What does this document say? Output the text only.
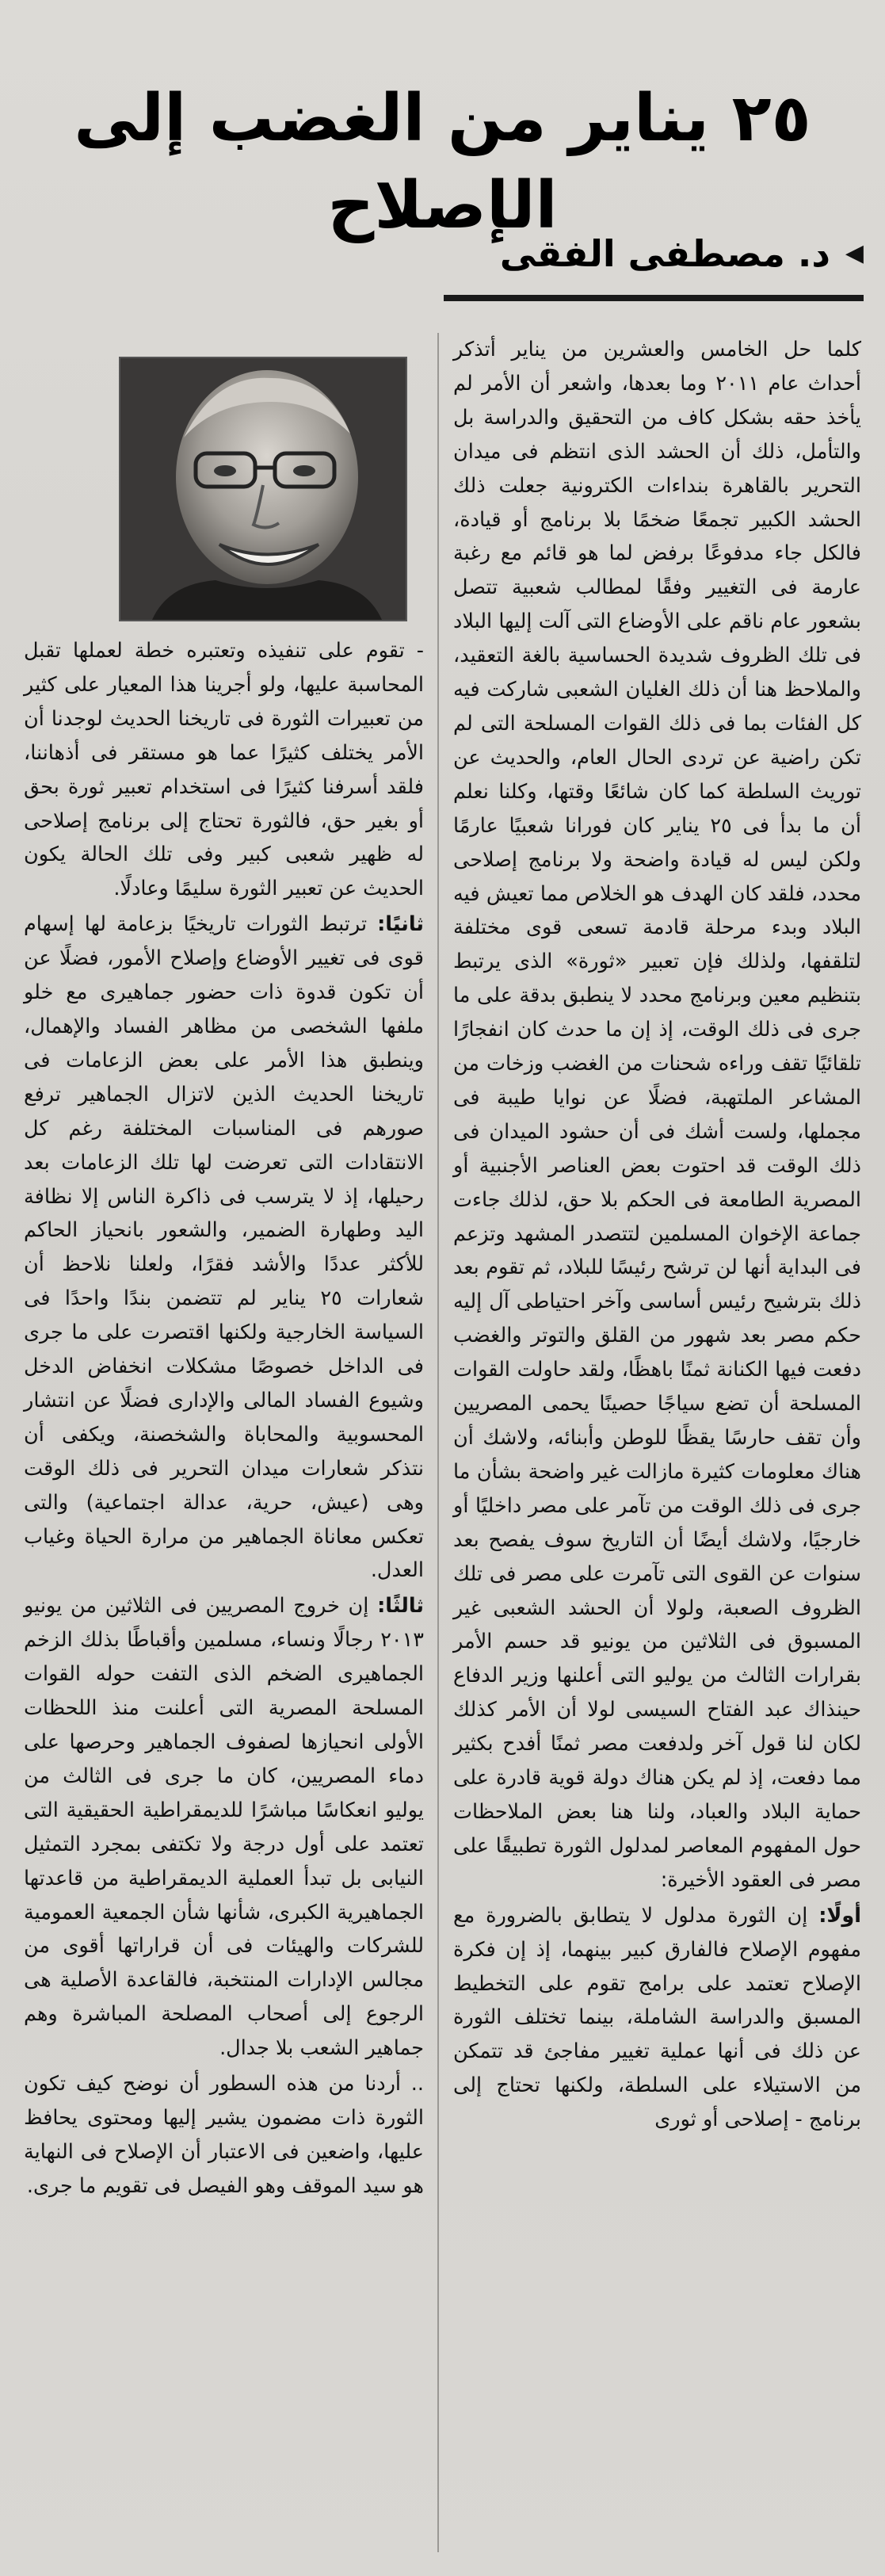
٢٥ يناير من الغضب إلى الإصلاح
◀
د. مصطفى الفقى

كلما حل الخامس والعشرين من يناير أتذكر أحداث عام ٢٠١١ وما بعدها، واشعر أن الأمر لم يأخذ حقه بشكل كاف من التحقيق والدراسة بل والتأمل، ذلك أن الحشد الذى انتظم فى ميدان التحرير بالقاهرة بنداءات الكترونية جعلت ذلك الحشد الكبير تجمعًا ضخمًا بلا برنامج أو قيادة، فالكل جاء مدفوعًا برفض لما هو قائم مع رغبة عارمة فى التغيير وفقًا لمطالب شعبية تتصل بشعور عام ناقم على الأوضاع التى آلت إليها البلاد فى تلك الظروف شديدة الحساسية بالغة التعقيد، والملاحظ هنا أن ذلك الغليان الشعبى شاركت فيه كل الفئات بما فى ذلك القوات المسلحة التى لم تكن راضية عن تردى الحال العام، والحديث عن توريث السلطة كما كان شائعًا وقتها، وكلنا نعلم أن ما بدأ فى ٢٥ يناير كان فورانا شعبيًا عارمًا ولكن ليس له قيادة واضحة ولا برنامج إصلاحى محدد، فلقد كان الهدف هو الخلاص مما تعيش فيه البلاد وبدء مرحلة قادمة تسعى قوى مختلفة لتلقفها، ولذلك فإن تعبير «ثورة» الذى يرتبط بتنظيم معين وبرنامج محدد لا ينطبق بدقة على ما جرى فى ذلك الوقت، إذ إن ما حدث كان انفجارًا تلقائيًا تقف وراءه شحنات من الغضب وزخات من المشاعر الملتهبة، فضلًا عن نوايا طيبة فى مجملها، ولست أشك فى أن حشود الميدان فى ذلك الوقت قد احتوت بعض العناصر الأجنبية أو المصرية الطامعة فى الحكم بلا حق، لذلك جاءت جماعة الإخوان المسلمين لتتصدر المشهد وتزعم فى البداية أنها لن ترشح رئيسًا للبلاد، ثم تقوم بعد ذلك بترشيح رئيس أساسى وآخر احتياطى آل إليه حكم مصر بعد شهور من القلق والتوتر والغضب دفعت فيها الكنانة ثمنًا باهظًا، ولقد حاولت القوات المسلحة أن تضع سياجًا حصينًا يحمى المصريين وأن تقف حارسًا يقظًا للوطن وأبنائه، ولاشك أن هناك معلومات كثيرة مازالت غير واضحة بشأن ما جرى فى ذلك الوقت من تآمر على مصر داخليًا أو خارجيًا، ولاشك أيضًا أن التاريخ سوف يفصح بعد سنوات عن القوى التى تآمرت على مصر فى تلك الظروف الصعبة، ولولا أن الحشد الشعبى غير المسبوق فى الثلاثين من يونيو قد حسم الأمر بقرارات الثالث من يوليو التى أعلنها وزير الدفاع حينذاك عبد الفتاح السيسى لولا أن الأمر كذلك لكان لنا قول آخر ولدفعت مصر ثمنًا أفدح بكثير مما دفعت، إذ لم يكن هناك دولة قوية قادرة على حماية البلاد والعباد، ولنا هنا بعض الملاحظات حول المفهوم المعاصر لمدلول الثورة تطبيقًا على مصر فى العقود الأخيرة:

أولًا: إن الثورة مدلول لا يتطابق بالضرورة مع مفهوم الإصلاح فالفارق كبير بينهما، إذ إن فكرة الإصلاح تعتمد على برامج تقوم على التخطيط المسبق والدراسة الشاملة، بينما تختلف الثورة عن ذلك فى أنها عملية تغيير مفاجئ قد تتمكن من الاستيلاء على السلطة، ولكنها تحتاج إلى برنامج - إصلاحى أو ثورى

- تقوم على تنفيذه وتعتبره خطة لعملها تقبل المحاسبة عليها، ولو أجرينا هذا المعيار على كثير من تعبيرات الثورة فى تاريخنا الحديث لوجدنا أن الأمر يختلف كثيرًا عما هو مستقر فى أذهاننا، فلقد أسرفنا كثيرًا فى استخدام تعبير ثورة بحق أو بغير حق، فالثورة تحتاج إلى برنامج إصلاحى له ظهير شعبى كبير وفى تلك الحالة يكون الحديث عن تعبير الثورة سليمًا وعادلًا.

ثانيًا: ترتبط الثورات تاريخيًا بزعامة لها إسهام قوى فى تغيير الأوضاع وإصلاح الأمور، فضلًا عن أن تكون قدوة ذات حضور جماهيرى مع خلو ملفها الشخصى من مظاهر الفساد والإهمال، وينطبق هذا الأمر على بعض الزعامات فى تاريخنا الحديث الذين لاتزال الجماهير ترفع صورهم فى المناسبات المختلفة رغم كل الانتقادات التى تعرضت لها تلك الزعامات بعد رحيلها، إذ لا يترسب فى ذاكرة الناس إلا نظافة اليد وطهارة الضمير، والشعور بانحياز الحاكم للأكثر عددًا والأشد فقرًا، ولعلنا نلاحظ أن شعارات ٢٥ يناير لم تتضمن بندًا واحدًا فى السياسة الخارجية ولكنها اقتصرت على ما جرى فى الداخل خصوصًا مشكلات انخفاض الدخل وشيوع الفساد المالى والإدارى فضلًا عن انتشار المحسوبية والمحاباة والشخصنة، ويكفى أن نتذكر شعارات ميدان التحرير فى ذلك الوقت وهى (عيش، حرية، عدالة اجتماعية) والتى تعكس معاناة الجماهير من مرارة الحياة وغياب العدل.

ثالثًا: إن خروج المصريين فى الثلاثين من يونيو ٢٠١٣ رجالًا ونساء، مسلمين وأقباطًا بذلك الزخم الجماهيرى الضخم الذى التفت حوله القوات المسلحة المصرية التى أعلنت منذ اللحظات الأولى انحيازها لصفوف الجماهير وحرصها على دماء المصريين، كان ما جرى فى الثالث من يوليو انعكاسًا مباشرًا للديمقراطية الحقيقية التى تعتمد على أول درجة ولا تكتفى بمجرد التمثيل النيابى بل تبدأ العملية الديمقراطية من قاعدتها الجماهيرية الكبرى، شأنها شأن الجمعية العمومية للشركات والهيئات فى أن قراراتها أقوى من مجالس الإدارات المنتخبة، فالقاعدة الأصلية هى الرجوع إلى أصحاب المصلحة المباشرة وهم جماهير الشعب بلا جدال.

.. أردنا من هذه السطور أن نوضح كيف تكون الثورة ذات مضمون يشير إليها ومحتوى يحافظ عليها، واضعين فى الاعتبار أن الإصلاح فى النهاية هو سيد الموقف وهو الفيصل فى تقويم ما جرى.
